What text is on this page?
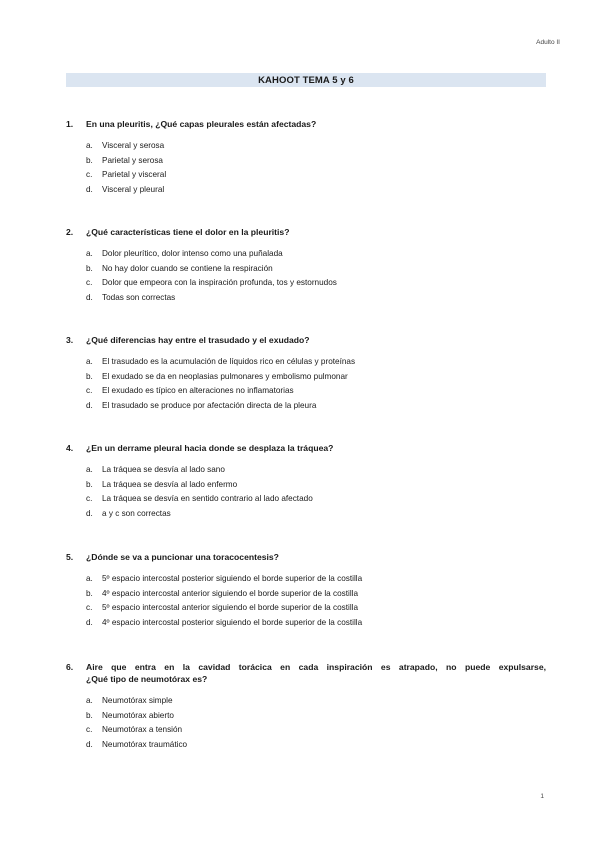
Adulto II
KAHOOT TEMA 5 y 6
1.	En una pleuritis, ¿Qué capas pleurales están afectadas?
a.	Visceral y serosa
b.	Parietal y serosa
c.	Parietal y visceral
d.	Visceral y pleural
2.	¿Qué características tiene el dolor en la pleuritis?
a.	Dolor pleurítico, dolor intenso como una puñalada
b.	No hay dolor cuando se contiene la respiración
c.	Dolor que empeora con la inspiración profunda, tos y estornudos
d.	Todas son correctas
3.	¿Qué diferencias hay entre el trasudado y el exudado?
a.	El trasudado es la acumulación de líquidos rico en células y proteínas
b.	El exudado se da en neoplasias pulmonares y embolismo pulmonar
c.	El exudado es típico en alteraciones no inflamatorias
d.	El trasudado se produce por afectación directa de la pleura
4.	¿En un derrame pleural hacia donde se desplaza la tráquea?
a.	La tráquea se desvía al lado sano
b.	La tráquea se desvía al lado enfermo
c.	La tráquea se desvía en sentido contrario al lado afectado
d.	a y c son correctas
5.	¿Dónde se va a puncionar una toracocentesis?
a.	5º espacio intercostal posterior siguiendo el borde superior de la costilla
b.	4º espacio intercostal anterior siguiendo el borde superior de la costilla
c.	5º espacio intercostal anterior siguiendo el borde superior de la costilla
d.	4º espacio intercostal posterior siguiendo el borde superior de la costilla
6.	Aire que entra en la cavidad torácica en cada inspiración es atrapado, no puede expulsarse,
¿Qué tipo de neumotórax es?
a.	Neumotórax simple
b.	Neumotórax abierto
c.	Neumotórax a tensión
d.	Neumotórax traumático
1
